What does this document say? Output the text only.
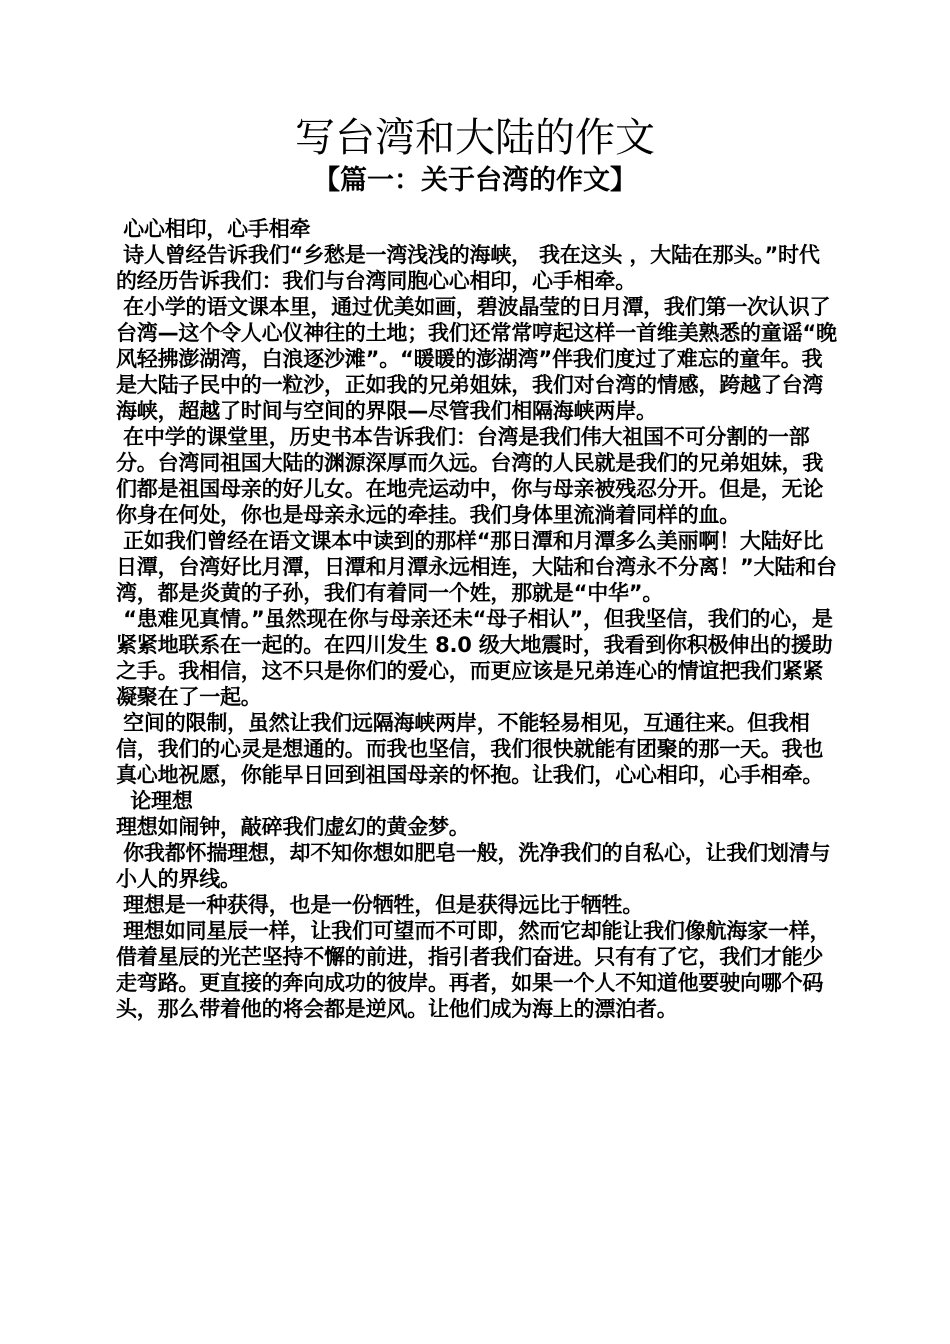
写台湾和大陆的作文
【篇一：关于台湾的作文】

心心相印，心手相牵

诗人曾经告诉我们“乡愁是一湾浅浅的海峡， 我在这头 ，大陆在那头。”时代的经历告诉我们：我们与台湾同胞心心相印，心手相牵。

在小学的语文课本里，通过优美如画，碧波晶莹的日月潭，我们第一次认识了台湾—这个令人心仪神往的土地；我们还常常哼起这样一首维美熟悉的童谣“晚风轻拂澎湖湾，白浪逐沙滩”。“暖暖的澎湖湾”伴我们度过了难忘的童年。我是大陆子民中的一粒沙，正如我的兄弟姐妹，我们对台湾的情感，跨越了台湾海峡，超越了时间与空间的界限—尽管我们相隔海峡两岸。

在中学的课堂里，历史书本告诉我们：台湾是我们伟大祖国不可分割的一部分。台湾同祖国大陆的渊源深厚而久远。台湾的人民就是我们的兄弟姐妹，我们都是祖国母亲的好儿女。在地壳运动中，你与母亲被残忍分开。但是，无论你身在何处，你也是母亲永远的牵挂。我们身体里流淌着同样的血。

正如我们曾经在语文课本中读到的那样“那日潭和月潭多么美丽啊！大陆好比日潭，台湾好比月潭，日潭和月潭永远相连，大陆和台湾永不分离！”大陆和台湾，都是炎黄的子孙，我们有着同一个姓，那就是“中华”。

“患难见真情。”虽然现在你与母亲还未“母子相认”，但我坚信，我们的心，是紧紧地联系在一起的。在四川发生 8.0 级大地震时，我看到你积极伸出的援助之手。我相信，这不只是你们的爱心，而更应该是兄弟连心的情谊把我们紧紧凝聚在了一起。

空间的限制，虽然让我们远隔海峡两岸，不能轻易相见，互通往来。但我相信，我们的心灵是想通的。而我也坚信，我们很快就能有团聚的那一天。我也真心地祝愿，你能早日回到祖国母亲的怀抱。让我们，心心相印，心手相牵。

论理想

理想如闹钟，敲碎我们虚幻的黄金梦。

你我都怀揣理想，却不知你想如肥皂一般，洗净我们的自私心，让我们划清与小人的界线。

理想是一种获得，也是一份牺牲，但是获得远比于牺牲。

理想如同星辰一样，让我们可望而不可即，然而它却能让我们像航海家一样，借着星辰的光芒坚持不懈的前进，指引者我们奋进。只有有了它，我们才能少走弯路。更直接的奔向成功的彼岸。再者，如果一个人不知道他要驶向哪个码头，那么带着他的将会都是逆风。让他们成为海上的漂泊者。
